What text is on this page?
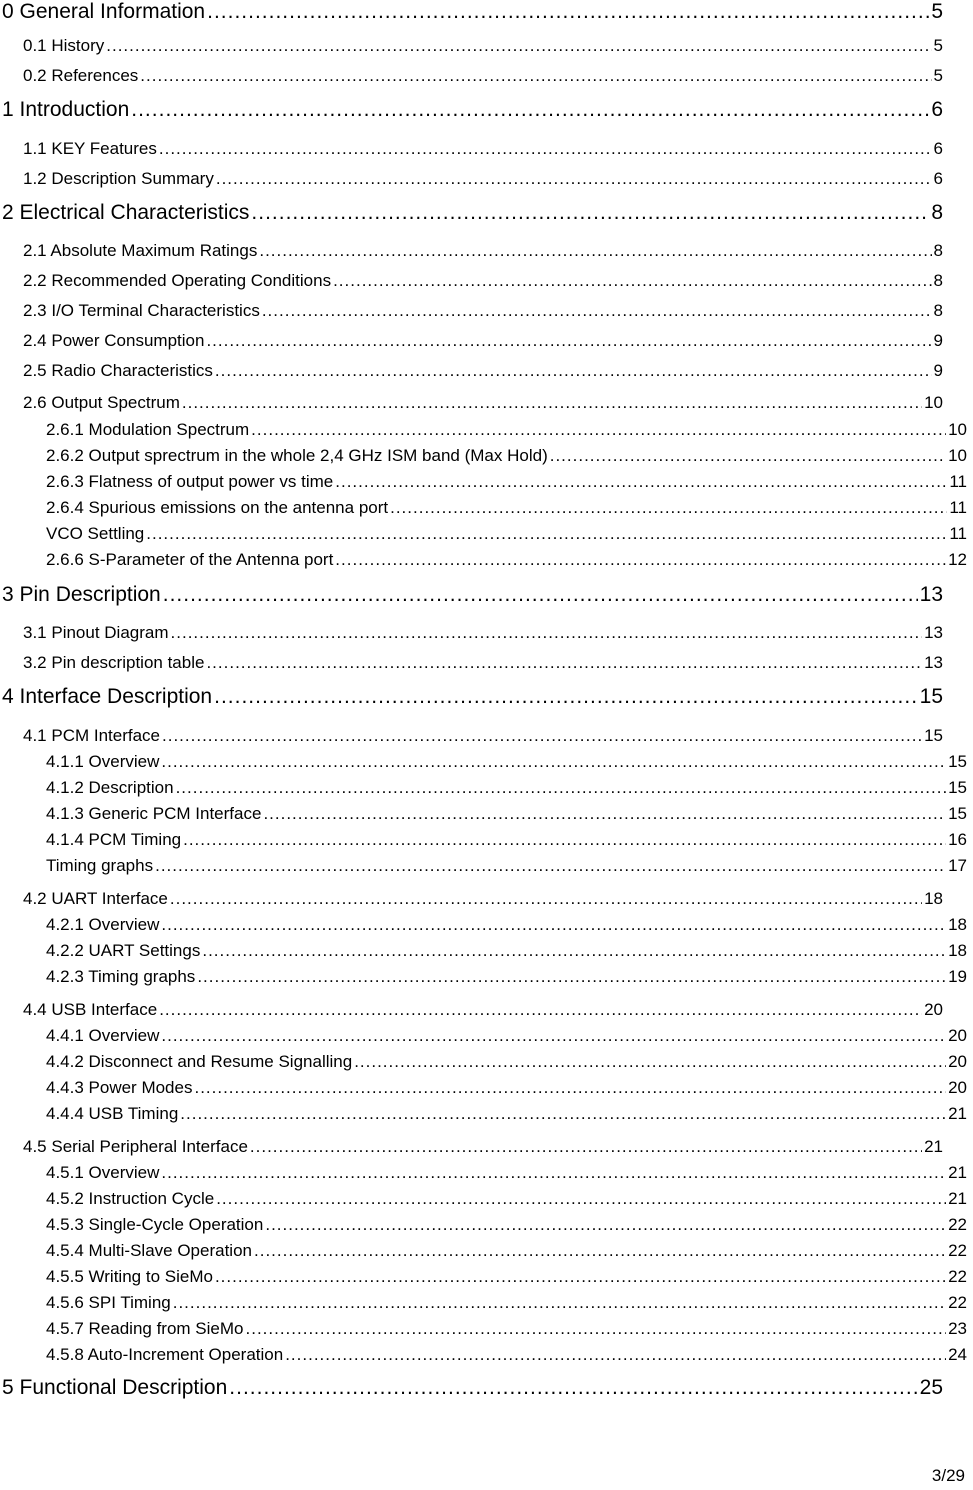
0 General Information .....	5
0.1 History .....	5
0.2 References .....	5
1 Introduction .....	6
1.1 KEY Features .....	6
1.2 Description Summary .....	6
2 Electrical Characteristics .....	8
2.1 Absolute Maximum Ratings .....	8
2.2 Recommended Operating Conditions .....	8
2.3 I/O Terminal Characteristics .....	8
2.4 Power Consumption .....	9
2.5 Radio Characteristics .....	9
2.6 Output Spectrum .....	10
2.6.1 Modulation Spectrum .....	10
2.6.2 Output sprectrum in the whole 2,4 GHz ISM band (Max Hold) .....	10
2.6.3 Flatness of output power vs time .....	11
2.6.4 Spurious emissions on the antenna port .....	11
VCO Settling .....	11
2.6.6 S-Parameter of the Antenna port .....	12
3 Pin Description .....	13
3.1 Pinout Diagram .....	13
3.2 Pin description table .....	13
4 Interface Description .....	15
4.1 PCM Interface .....	15
4.1.1 Overview .....	15
4.1.2 Description .....	15
4.1.3 Generic PCM Interface .....	15
4.1.4 PCM Timing .....	16
Timing graphs .....	17
4.2 UART Interface .....	18
4.2.1 Overview .....	18
4.2.2 UART Settings .....	18
4.2.3 Timing graphs .....	19
4.4 USB Interface .....	20
4.4.1 Overview .....	20
4.4.2 Disconnect and Resume Signalling .....	20
4.4.3 Power Modes .....	20
4.4.4 USB Timing .....	21
4.5 Serial Peripheral Interface .....	21
4.5.1 Overview .....	21
4.5.2 Instruction Cycle .....	21
4.5.3 Single-Cycle Operation .....	22
4.5.4 Multi-Slave Operation .....	22
4.5.5 Writing to SieMo .....	22
4.5.6 SPI Timing .....	22
4.5.7 Reading from SieMo .....	23
4.5.8 Auto-Increment Operation .....	24
5 Functional Description .....	25
3/29
